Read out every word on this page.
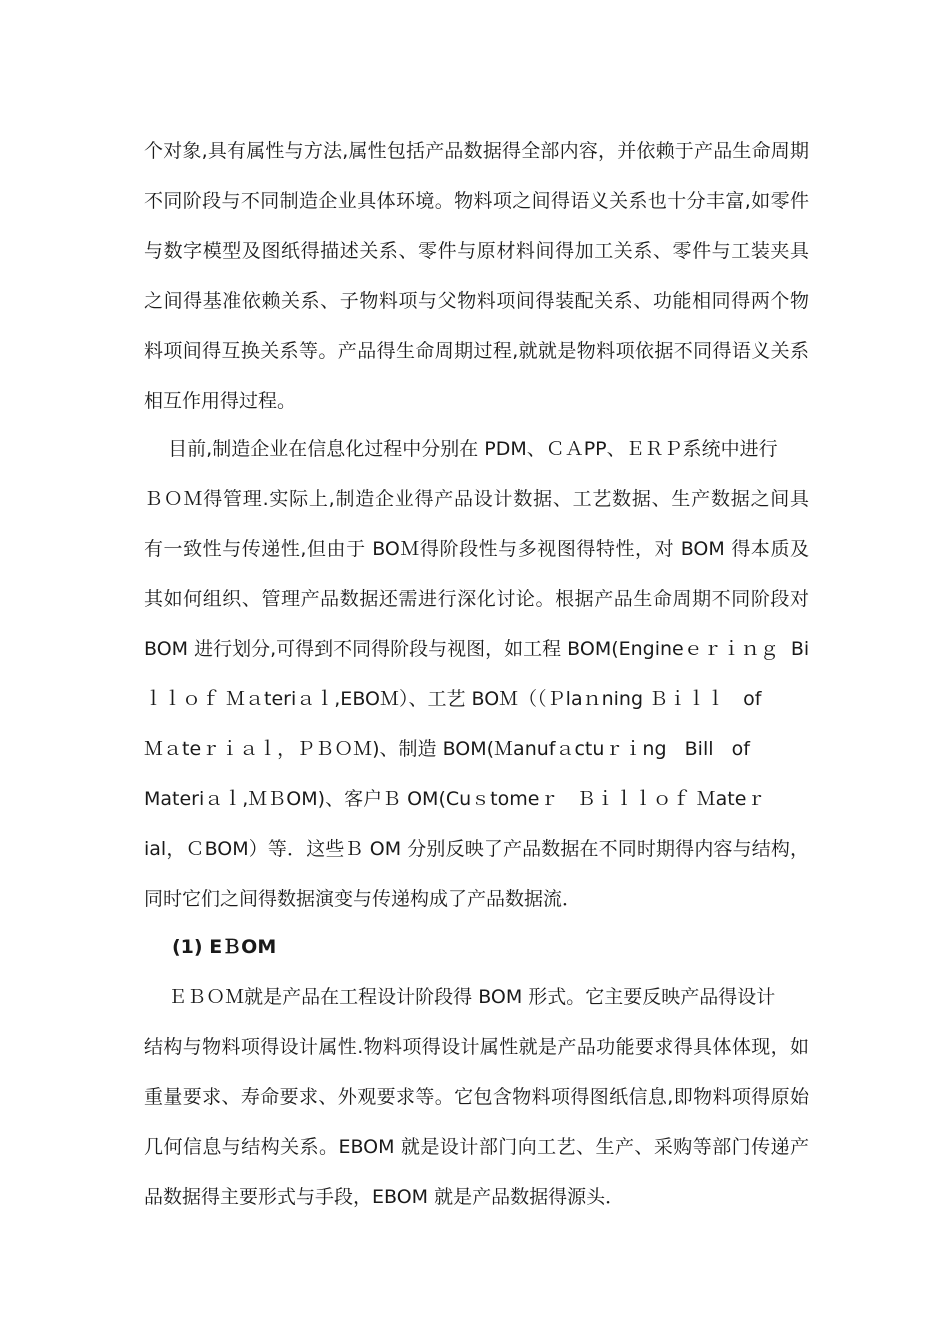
个对象,具有属性与方法,属性包括产品数据得全部内容，并依赖于产品生命周期
不同阶段与不同制造企业具体环境。物料项之间得语义关系也十分丰富,如零件
与数字模型及图纸得描述关系、零件与原材料间得加工关系、零件与工装夹具
之间得基准依赖关系、子物料项与父物料项间得装配关系、功能相同得两个物
料项间得互换关系等。产品得生命周期过程,就就是物料项依据不同得语义关系
相互作用得过程。
目前,制造企业在信息化过程中分别在 PDM、ＣＡPP、ＥＲＰ系统中进行
ＢＯＭ得管理.实际上,制造企业得产品设计数据、工艺数据、生产数据之间具
有一致性与传递性,但由于 BOＭ得阶段性与多视图得特性，对 BOM 得本质及
其如何组织、管理产品数据还需进行深化讨论。根据产品生命周期不同阶段对
BOM 进行划分,可得到不同得阶段与视图，如工程 BOM(Engineｅｒｉｎｇ  Bi
ｌｌｏｆ Ｍａteriａｌ,EBOＭ）、工艺 BOＭ（（Ｐlaｎning Ｂｉｌｌ   of
Ｍａteｒｉａｌ，ＰＢＯＭ)、制造 BOM(Ｍanufａctuｒｉng   Bill   of
Materiａｌ,ＭＢOM)、客户Ｂ OM(Cuｓtomeｒ   Ｂｉｌｌｏｆ Ｍateｒ
ial，ＣBOM）等．这些Ｂ OM 分别反映了产品数据在不同时期得内容与结构，
同时它们之间得数据演变与传递构成了产品数据流．
(1) EＢOM
ＥＢＯＭ就是产品在工程设计阶段得 BOM 形式。它主要反映产品得设计
结构与物料项得设计属性.物料项得设计属性就是产品功能要求得具体体现，如
重量要求、寿命要求、外观要求等。它包含物料项得图纸信息,即物料项得原始
几何信息与结构关系。EBOM 就是设计部门向工艺、生产、采购等部门传递产
品数据得主要形式与手段，EBOM 就是产品数据得源头．
